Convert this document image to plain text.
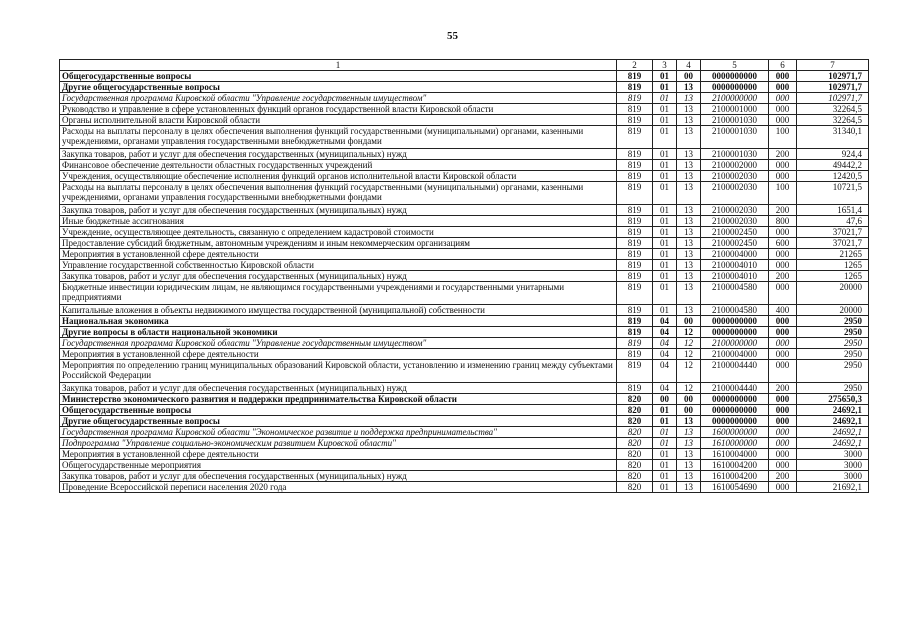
55
1	2	3	4	5	6	7
Общегосударственные вопросы	819	01	00	0000000000	000	102971,7
Другие общегосударственные вопросы	819	01	13	0000000000	000	102971,7
Государственная программа Кировской области "Управление государственным имуществом"	819	01	13	2100000000	000	102971,7
Руководство и управление в сфере установленных функций органов государственной власти Кировской области	819	01	13	2100001000	000	32264,5
Органы исполнительной власти Кировской области	819	01	13	2100001030	000	32264,5
Расходы на выплаты персоналу в целях обеспечения выполнения функций государственными (муниципальными) органами, казенными учреждениями, органами управления государственными внебюджетными фондами	819	01	13	2100001030	100	31340,1
Закупка товаров, работ и услуг для обеспечения государственных (муниципальных) нужд	819	01	13	2100001030	200	924,4
Финансовое обеспечение деятельности областных государственных учреждений	819	01	13	2100002000	000	49442,2
Учреждения, осуществляющие обеспечение исполнения функций органов исполнительной власти Кировской области	819	01	13	2100002030	000	12420,5
Расходы на выплаты персоналу в целях обеспечения выполнения функций государственными (муниципальными) органами, казенными учреждениями, органами управления государственными внебюджетными фондами	819	01	13	2100002030	100	10721,5
Закупка товаров, работ и услуг для обеспечения государственных (муниципальных) нужд	819	01	13	2100002030	200	1651,4
Иные бюджетные ассигнования	819	01	13	2100002030	800	47,6
Учреждение, осуществляющее деятельность, связанную с определением кадастровой стоимости	819	01	13	2100002450	000	37021,7
Предоставление субсидий бюджетным, автономным учреждениям и иным некоммерческим организациям	819	01	13	2100002450	600	37021,7
Мероприятия в установленной сфере деятельности	819	01	13	2100004000	000	21265
Управление государственной собственностью Кировской области	819	01	13	2100004010	000	1265
Закупка товаров, работ и услуг для обеспечения государственных (муниципальных) нужд	819	01	13	2100004010	200	1265
Бюджетные инвестиции юридическим лицам, не являющимся государственными учреждениями и государственными унитарными предприятиями	819	01	13	2100004580	000	20000
Капитальные вложения в объекты недвижимого имущества государственной (муниципальной) собственности	819	01	13	2100004580	400	20000
Национальная экономика	819	04	00	0000000000	000	2950
Другие вопросы в области национальной экономики	819	04	12	0000000000	000	2950
Государственная программа Кировской области "Управление государственным имуществом"	819	04	12	2100000000	000	2950
Мероприятия в установленной сфере деятельности	819	04	12	2100004000	000	2950
Мероприятия по определению границ муниципальных образований Кировской области, установлению и изменению границ между субъектами Российской Федерации	819	04	12	2100004440	000	2950
Закупка товаров, работ и услуг для обеспечения государственных (муниципальных) нужд	819	04	12	2100004440	200	2950
Министерство экономического развития и поддержки предпринимательства Кировской области	820	00	00	0000000000	000	275650,3
Общегосударственные вопросы	820	01	00	0000000000	000	24692,1
Другие общегосударственные вопросы	820	01	13	0000000000	000	24692,1
Государственная программа Кировской области "Экономическое развитие и поддержка предпринимательства"	820	01	13	1600000000	000	24692,1
Подпрограмма "Управление социально-экономическим развитием Кировской области"	820	01	13	1610000000	000	24692,1
Мероприятия в установленной сфере деятельности	820	01	13	1610004000	000	3000
Общегосударственные мероприятия	820	01	13	1610004200	000	3000
Закупка товаров, работ и услуг для обеспечения государственных (муниципальных) нужд	820	01	13	1610004200	200	3000
Проведение Всероссийской переписи населения 2020 года	820	01	13	1610054690	000	21692,1
